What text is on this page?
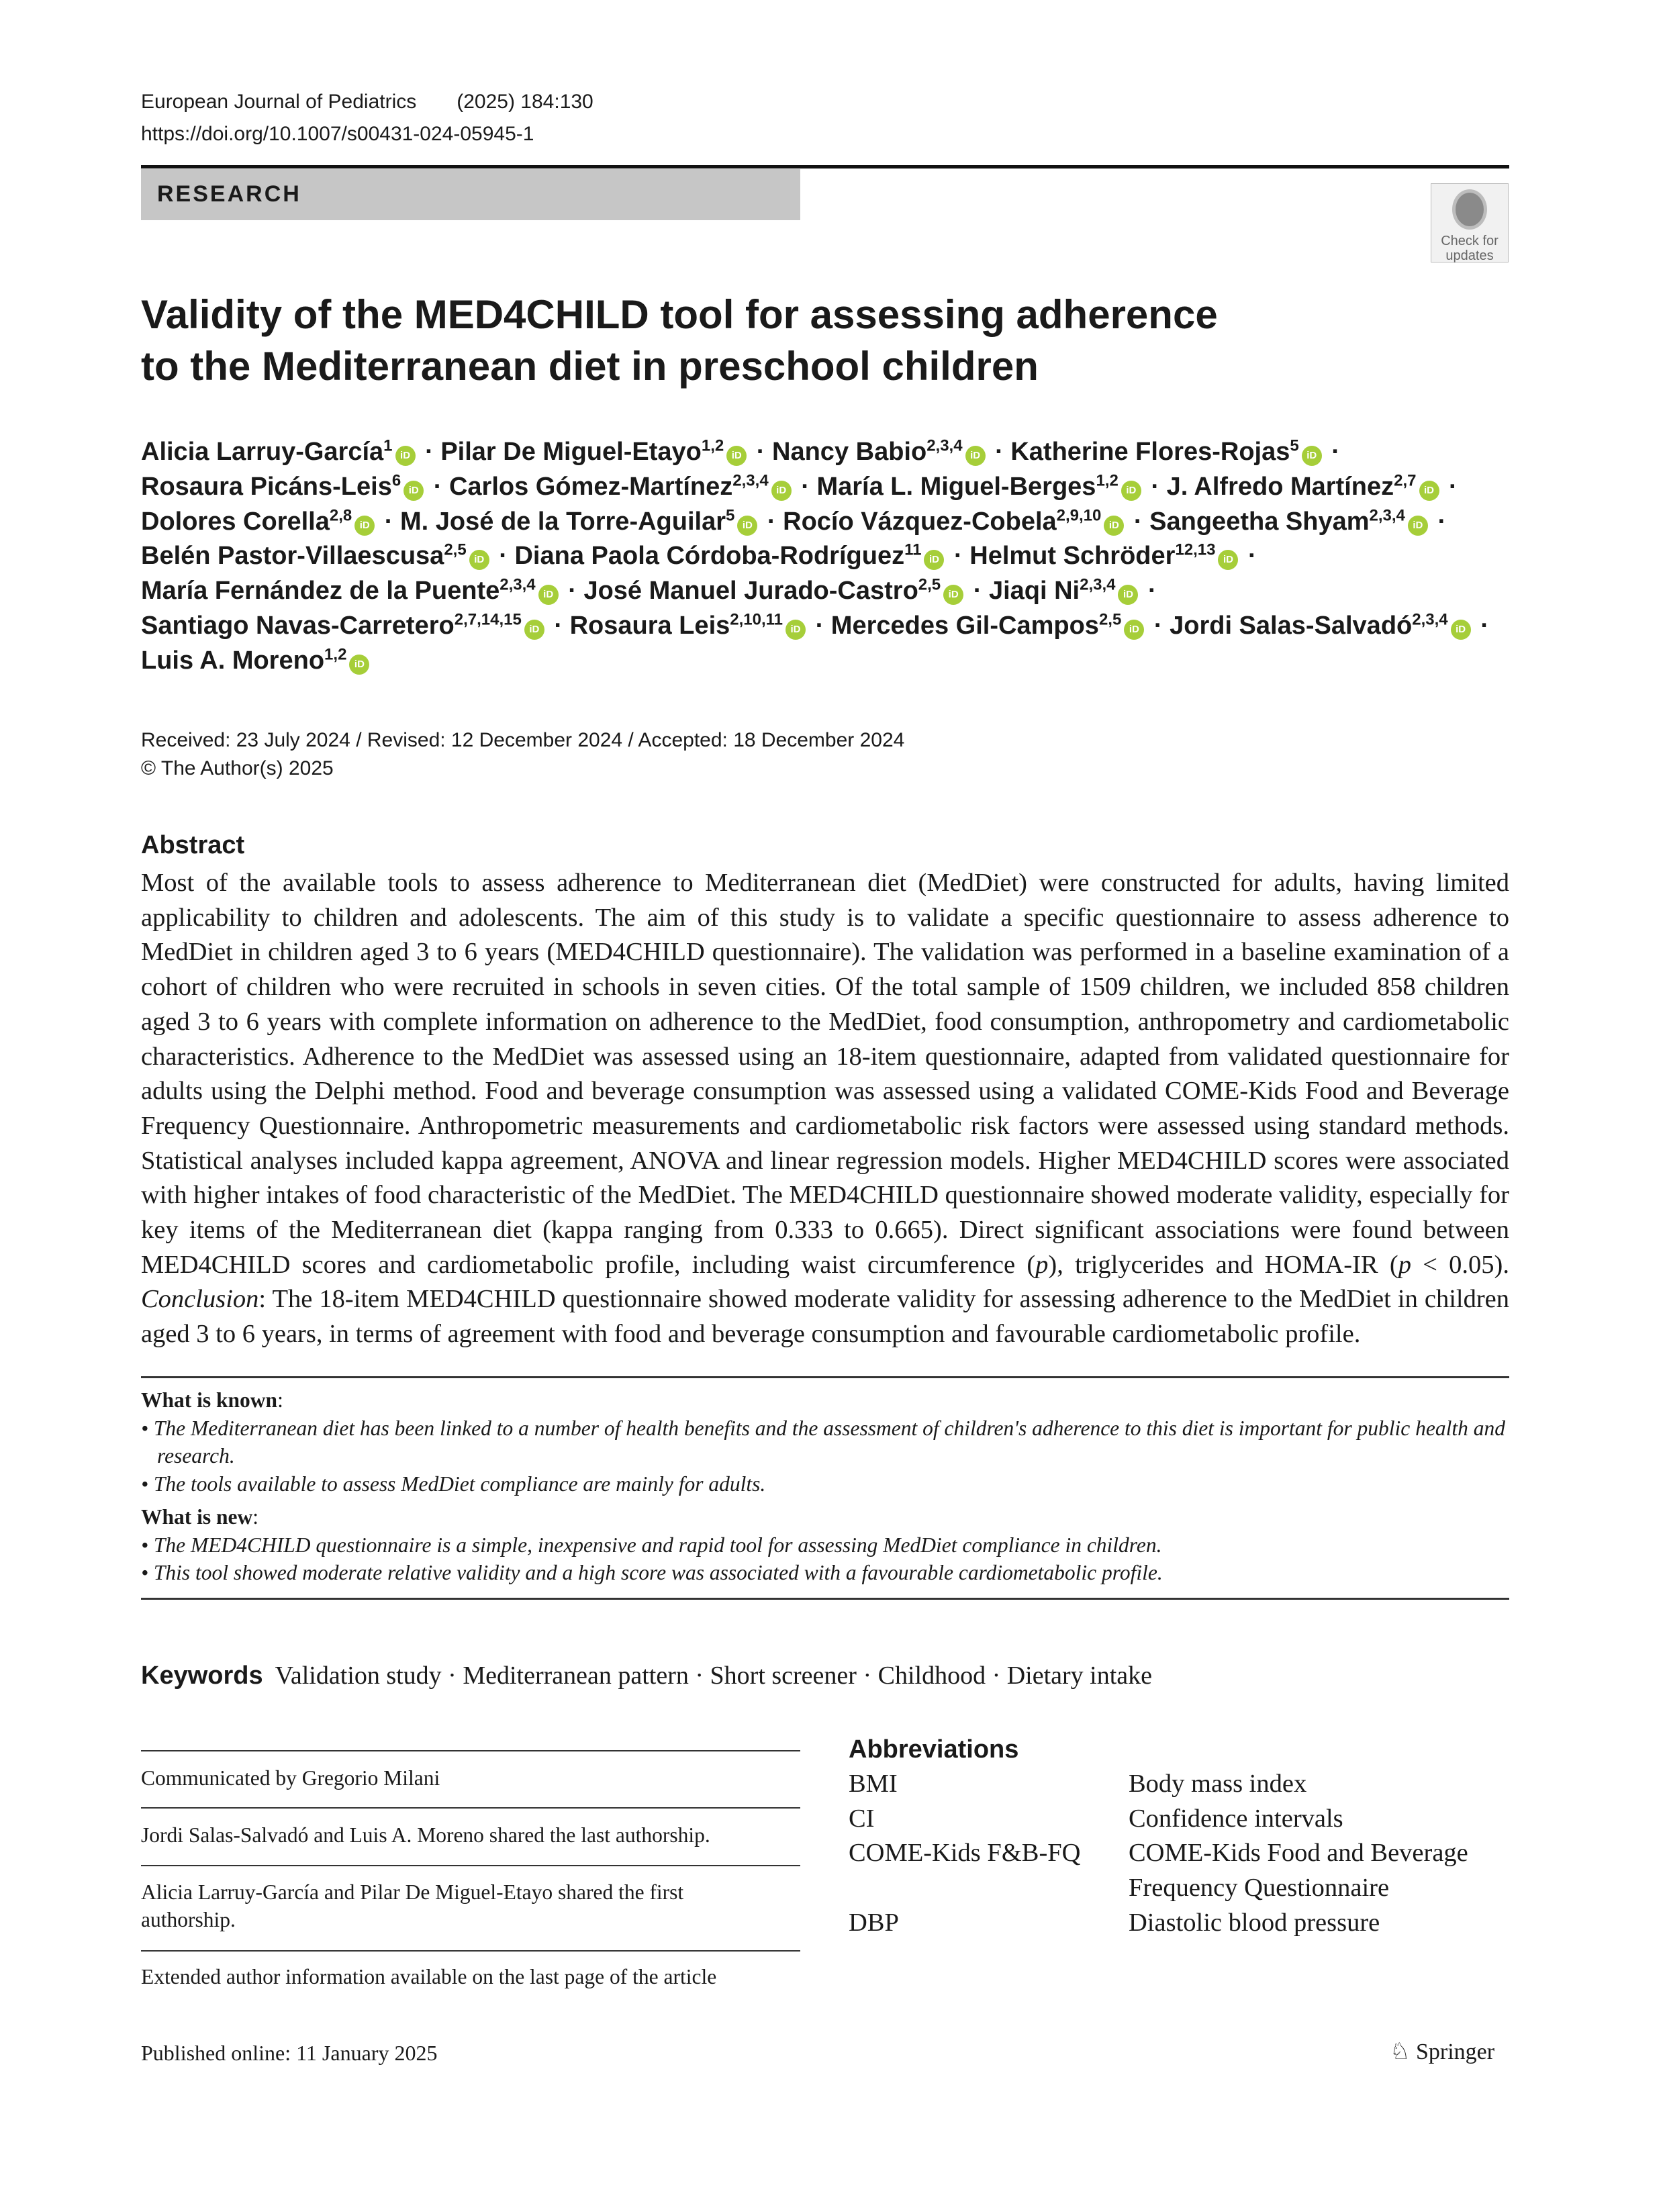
European Journal of Pediatrics (2025) 184:130
https://doi.org/10.1007/s00431-024-05945-1
RESEARCH
Check for updates
Validity of the MED4CHILD tool for assessing adherence
to the Mediterranean diet in preschool children
Alicia Larruy-García$^1$iD · Pilar De Miguel-Etayo$^{1,2}$iD · Nancy Babio$^{2,3,4}$iD · Katherine Flores-Rojas$^5$iD ·
Rosaura Picáns-Leis$^6$iD · Carlos Gómez-Martínez$^{2,3,4}$iD · María L. Miguel-Berges$^{1,2}$iD · J. Alfredo Martínez$^{2,7}$iD ·
Dolores Corella$^{2,8}$iD · M. José de la Torre-Aguilar$^5$iD · Rocío Vázquez-Cobela$^{2,9,10}$iD · Sangeetha Shyam$^{2,3,4}$iD ·
Belén Pastor-Villaescusa$^{2,5}$iD · Diana Paola Córdoba-Rodríguez$^{11}$iD · Helmut Schröder$^{12,13}$iD ·
María Fernández de la Puente$^{2,3,4}$iD · José Manuel Jurado-Castro$^{2,5}$iD · Jiaqi Ni$^{2,3,4}$iD ·
Santiago Navas-Carretero$^{2,7,14,15}$iD · Rosaura Leis$^{2,10,11}$iD · Mercedes Gil-Campos$^{2,5}$iD · Jordi Salas-Salvadó$^{2,3,4}$iD ·
Luis A. Moreno$^{1,2}$iD
Received: 23 July 2024 / Revised: 12 December 2024 / Accepted: 18 December 2024
© The Author(s) 2025
Abstract
Most of the available tools to assess adherence to Mediterranean diet (MedDiet) were constructed for adults, having limited applicability to children and adolescents. The aim of this study is to validate a specific questionnaire to assess adherence to MedDiet in children aged 3 to 6 years (MED4CHILD questionnaire). The validation was performed in a baseline examination of a cohort of children who were recruited in schools in seven cities. Of the total sample of 1509 children, we included 858 children aged 3 to 6 years with complete information on adherence to the MedDiet, food consumption, anthropometry and cardiometabolic characteristics. Adherence to the MedDiet was assessed using an 18-item questionnaire, adapted from validated questionnaire for adults using the Delphi method. Food and beverage consumption was assessed using a validated COME-Kids Food and Beverage Frequency Questionnaire. Anthropometric measurements and cardiometabolic risk factors were assessed using standard methods. Statistical analyses included kappa agreement, ANOVA and linear regression models. Higher MED4CHILD scores were associated with higher intakes of food characteristic of the MedDiet. The MED4CHILD questionnaire showed moderate validity, especially for key items of the Mediterranean diet (kappa ranging from 0.333 to 0.665). Direct significant associations were found between MED4CHILD scores and cardiometabolic profile, including waist circumference (p), triglycerides and HOMA-IR (p < 0.05). Conclusion: The 18-item MED4CHILD questionnaire showed moderate validity for assessing adherence to the MedDiet in children aged 3 to 6 years, in terms of agreement with food and beverage consumption and favourable cardiometabolic profile.
What is known:
• The Mediterranean diet has been linked to a number of health benefits and the assessment of children's adherence to this diet is important for public health and research.
• The tools available to assess MedDiet compliance are mainly for adults.
What is new:
• The MED4CHILD questionnaire is a simple, inexpensive and rapid tool for assessing MedDiet compliance in children.
• This tool showed moderate relative validity and a high score was associated with a favourable cardiometabolic profile.
Keywords Validation study · Mediterranean pattern · Short screener · Childhood · Dietary intake
Communicated by Gregorio Milani
Jordi Salas-Salvadó and Luis A. Moreno shared the last authorship.
Alicia Larruy-García and Pilar De Miguel-Etayo shared the first authorship.
Extended author information available on the last page of the article
Abbreviations
BMI	Body mass index
CI	Confidence intervals
COME-Kids F&B-FQ	COME-Kids Food and Beverage Frequency Questionnaire
DBP	Diastolic blood pressure
Published online: 11 January 2025	♘ Springer
